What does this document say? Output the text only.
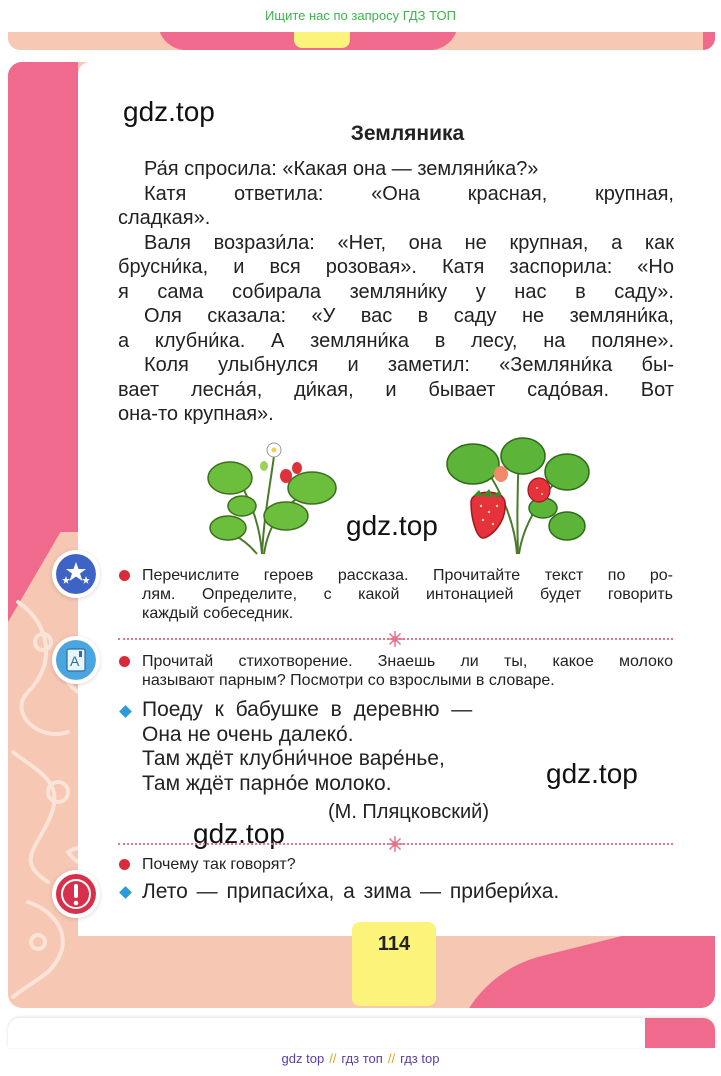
Ищите нас по запросу ГДЗ ТОП
gdz.top
gdz.top
gdz.top
gdz.top
Земляника

Ра́я спросила: «Какая она — земляни́ка?»

Катя ответила: «Она красная, крупная,
сладкая».

Валя возрази́ла: «Нет, она не крупная, а как
брусни́ка, и вся розовая». Катя заспорила: «Но
я сама собирала земляни́ку у нас в саду».

Оля сказала: «У вас в саду не земляни́ка,
а клубни́ка. А земляни́ка в лесу, на поляне».

Коля улыбнулся и заметил: «Земляни́ка бы-
вает лесна́я, ди́кая, и бывает садо́вая. Вот
она-то крупная».

A
Перечислите героев рассказа. Прочитайте текст по ро-
лям. Определите, с какой интонацией будет говорить
каждый собеседник.
Прочитай стихотворение. Знаешь ли ты, какое молоко
называют парным? Посмотри со взрослыми в словаре.
Поеду к бабушке в деревню —
Она не очень далеко́.
Там ждёт клубни́чное варе́нье,
Там ждёт парно́е молоко.
(М. Пляцковский)
Почему так говорят?
Лето — припаси́ха, а зима — прибери́ха.
114
gdz top // гдз топ // гдз top
